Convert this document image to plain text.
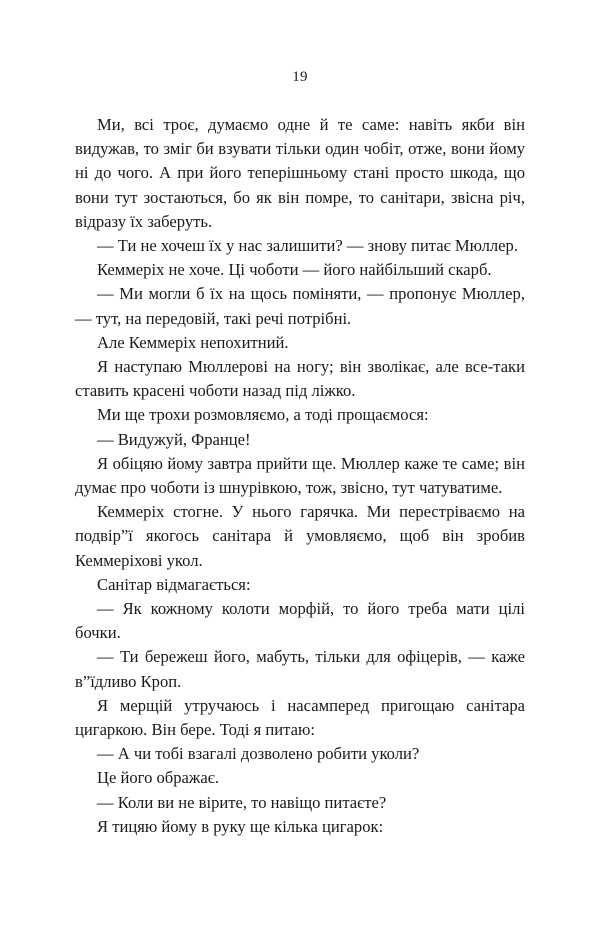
19

Ми, всі троє, думаємо одне й те саме: навіть якби він видужав, то зміг би взувати тільки один чобіт, отже, вони йому ні до чого. А при його теперішньому стані просто шкода, що вони тут зостаються, бо як він помре, то санітари, звісна річ, відразу їх заберуть.

— Ти не хочеш їх у нас залишити? — знову питає Мюллер.

Кеммеріх не хоче. Ці чоботи — його найбільший скарб.

— Ми могли б їх на щось поміняти, — пропонує Мюллер, — тут, на передовій, такі речі потрібні.

Але Кеммеріх непохитний.

Я наступаю Мюллерові на ногу; він зволікає, але все-таки ставить красені чоботи назад під ліжко.

Ми ще трохи розмовляємо, а тоді прощаємося:

— Видужуй, Франце!

Я обіцяю йому завтра прийти ще. Мюллер каже те саме; він думає про чоботи із шнурівкою, тож, звісно, тут чатуватиме.

Кеммеріх стогне. У нього гарячка. Ми перестріваємо на подвір”ї якогось санітара й умовляємо, щоб він зробив Кеммеріхові укол.

Санітар відмагається:

— Як кожному колоти морфій, то його треба мати цілі бочки.

— Ти бережеш його, мабуть, тільки для офіцерів, — каже в”їдливо Кроп.

Я мерщій утручаюсь і насамперед пригощаю санітара цигаркою. Він бере. Тоді я питаю:

— А чи тобі взагалі дозволено робити уколи?

Це його ображає.

— Коли ви не вірите, то навіщо питаєте?

Я тицяю йому в руку ще кілька цигарок:
